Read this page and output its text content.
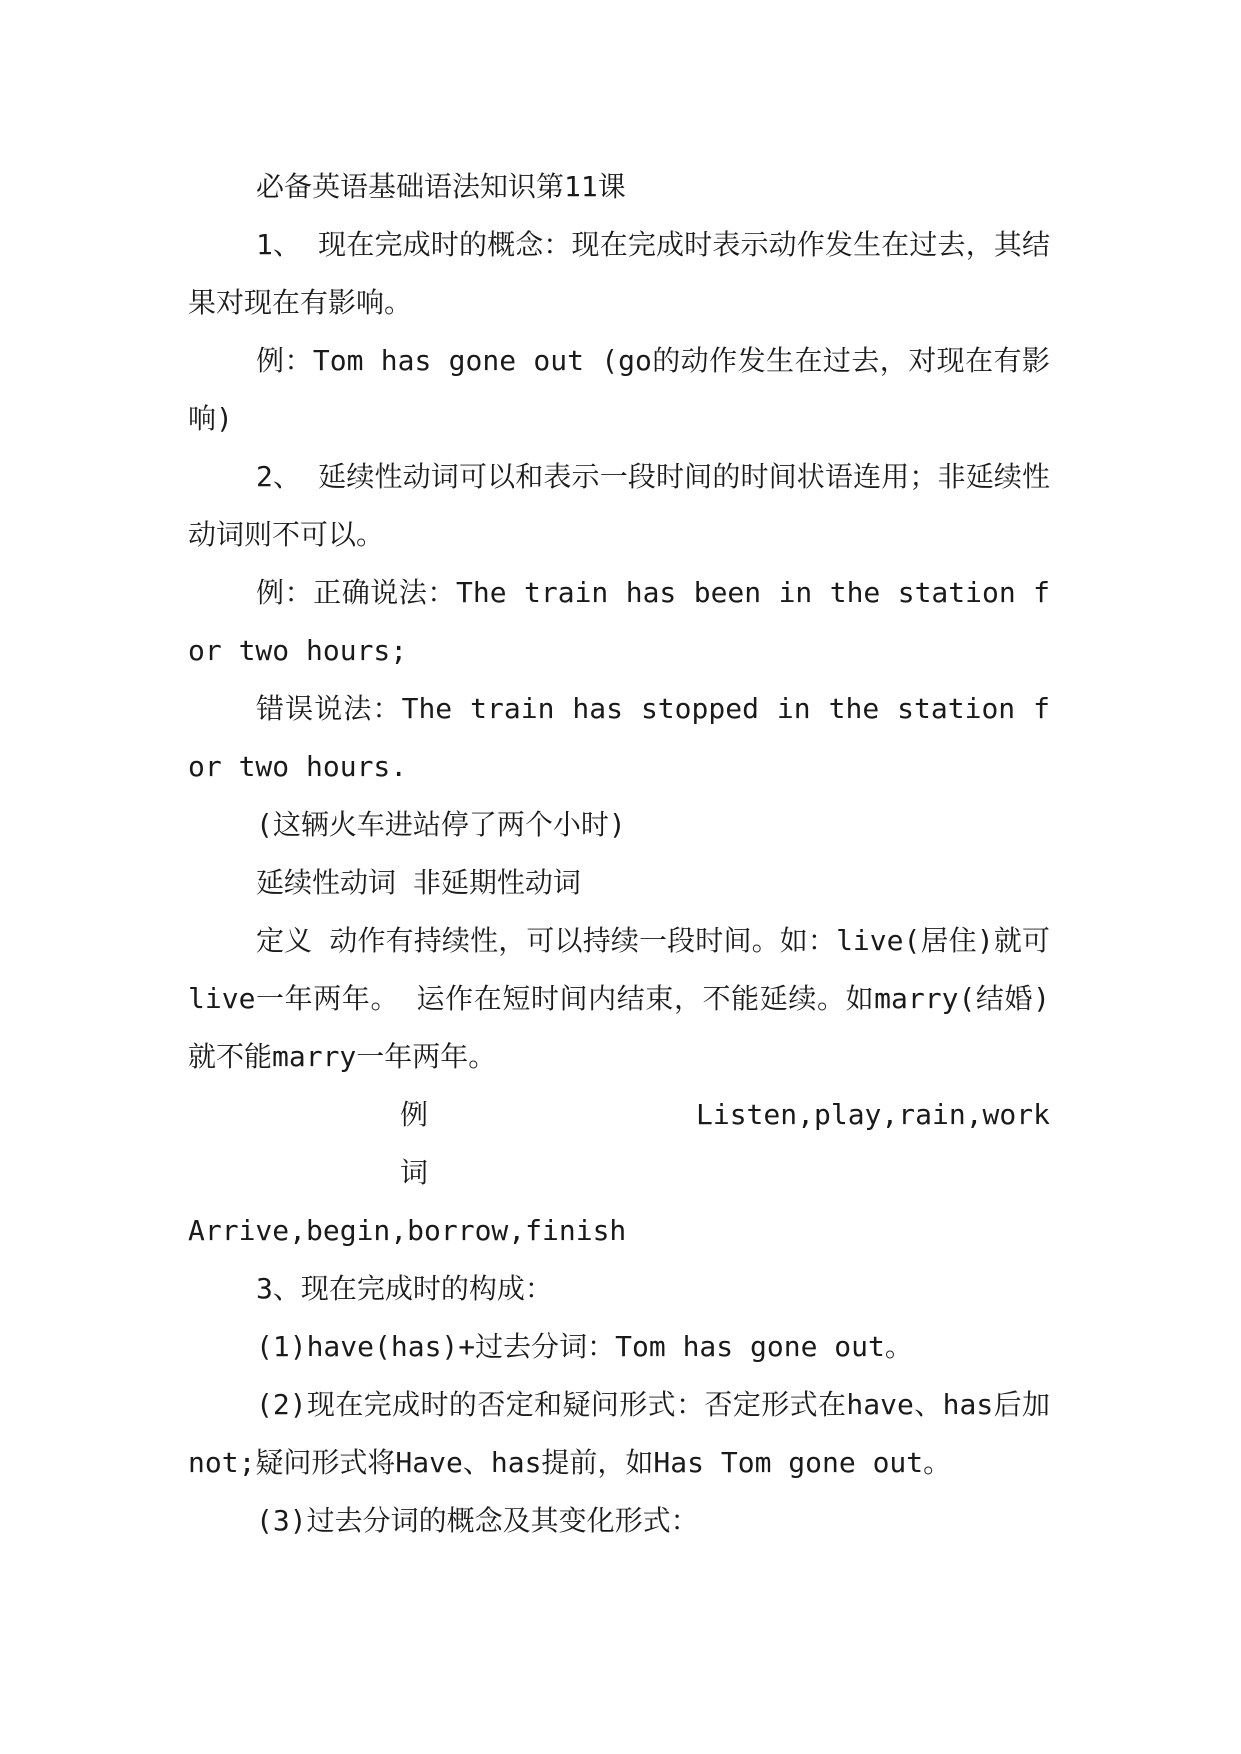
必备英语基础语法知识第11课

1、 现在完成时的概念：现在完成时表示动作发生在过去，其结果对现在有影响。

例：Tom has gone out (go的动作发生在过去，对现在有影响)

2、 延续性动词可以和表示一段时间的时间状语连用；非延续性动词则不可以。

例：正确说法：The train has been in the station for two hours;

错误说法：The train has stopped in the station for two hours.

(这辆火车进站停了两个小时)

延续性动词 非延期性动词

定义 动作有持续性，可以持续一段时间。如：live(居住)就可live一年两年。 运作在短时间内结束，不能延续。如marry(结婚)就不能marry一年两年。

例词
Listen,play,rain,work

Arrive,begin,borrow,finish

3、现在完成时的构成：

(1)have(has)+过去分词：Tom has gone out。

(2)现在完成时的否定和疑问形式：否定形式在have、has后加not;疑问形式将Have、has提前，如Has Tom gone out。

(3)过去分词的概念及其变化形式：
